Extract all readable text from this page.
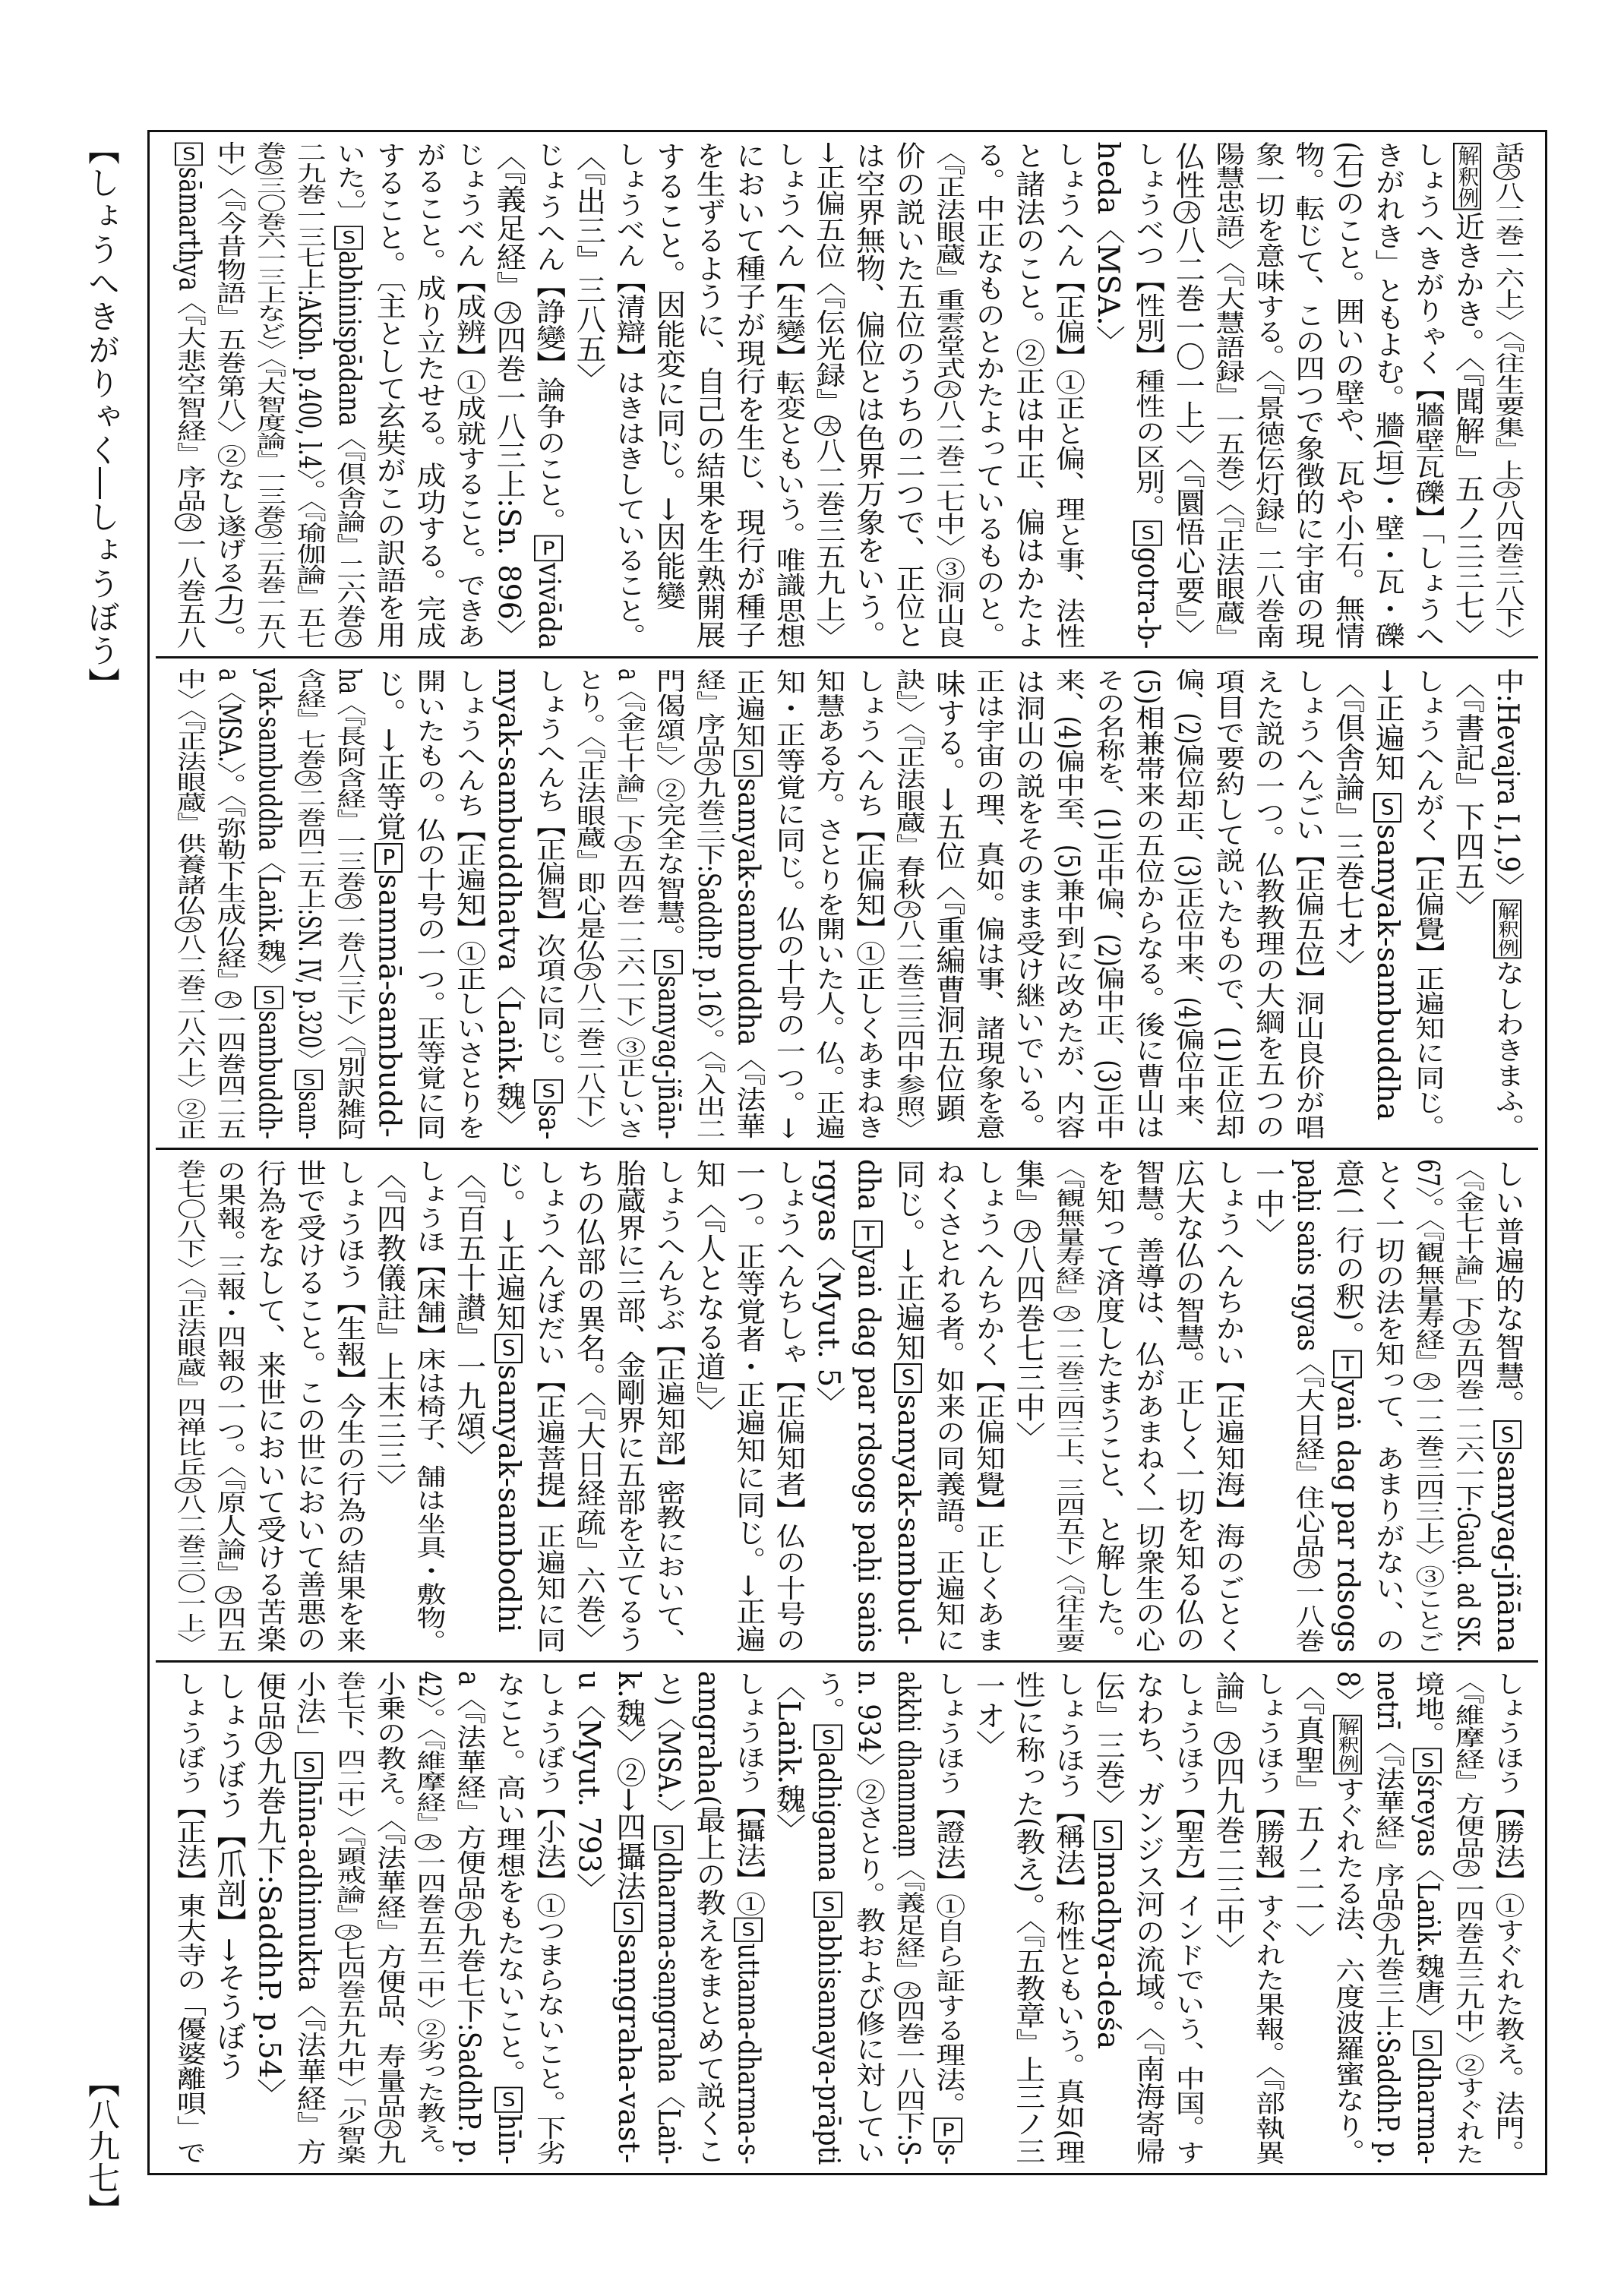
【しょうへきがりゃく―しょうぼう】
【八九七】
話大八二巻一六上〉〈『往生要集』上大八四巻三八下〉
解釈例近きかき。〈『聞解』五ノ三三七〉
しょうへきがりゃく【牆壁瓦礫】「しょうへ
きがれき」ともよむ。牆(垣)・壁・瓦・礫
(石)のこと。囲いの壁や、瓦や小石。無情
物。転じて、この四つで象徴的に宇宙の現
象一切を意味する。〈『景徳伝灯録』二八巻南
陽慧忠語〉〈『大慧語録』一五巻〉〈『正法眼蔵』
仏性大八二巻一〇一上〉〈『圜悟心要』〉
しょうべつ【性別】種性の区別。Sgotra-b-
heda〈MSA.〉
しょうへん【正偏】①正と偏、理と事、法性
と諸法のこと。②正は中正、偏はかたよ
る。中正なものとかたよっているものと。
〈『正法眼蔵』重雲堂式大八二巻二七中〉③洞山良
价の説いた五位のうちの二つで、正位と
は空界無物、偏位とは色界万象をいう。
→正偏五位〈『伝光録』大八二巻三五九上〉
しょうへん【生變】転変ともいう。唯識思想
において種子が現行を生じ、現行が種子
を生ずるように、自己の結果を生熟開展
すること。因能変に同じ。→因能變
しょうべん【清辯】はきはきしていること。
〈『出三』三八五〉
じょうへん【諍變】論争のこと。Pvivāda
〈『義足経』大四巻一八三上:Sn. 896〉
じょうべん【成辨】①成就すること。できあ
がること。成り立たせる。成功する。完成
すること。〔主として玄奘がこの訳語を用
いた。〕Sabhinispādana〈『倶舎論』二六巻大
二九巻一三七上:AKbh. p.400, l.4〉。〈『瑜伽論』五七
巻大三〇巻六一三上など〉〈『大智度論』一三巻大二五巻一五八
中〉〈『今昔物語』五巻第八〉②なし遂げる(力)。
Ssāmarthya〈『大悲空智経』序品大一八巻五八
中:Hevajra I,1,9〉解釈例なしわきまふ。
〈『書記』下四五〉
しょうへんがく【正偏覺】正遍知に同じ。
→正遍知 Ssamyak-sambuddha
〈『倶舎論』三巻七オ〉
しょうへんごい【正偏五位】洞山良价が唱
えた説の一つ。仏教教理の大綱を五つの
項目で要約して説いたもので、(1)正位却
偏、(2)偏位却正、(3)正位中来、(4)偏位中来、
(5)相兼帯来の五位からなる。後に曹山は
その名称を、(1)正中偏、(2)偏中正、(3)正中
来、(4)偏中至、(5)兼中到に改めたが、内容
は洞山の説をそのまま受け継いでいる。
正は宇宙の理、真如。偏は事、諸現象を意
味する。→五位〈『重編曹洞五位顕
訣』〉〈『正法眼蔵』春秋大八二巻三三四中参照〉
しょうへんち【正偏知】①正しくあまねき
知慧ある方。さとりを開いた人。仏。正遍
知・正等覚に同じ。仏の十号の一つ。→
正遍知Ssamyak-sambuddha〈『法華
経』序品大九巻三下:SaddhP. p.16〉。〈『入出二
門偈頌』〉②完全な智慧。Ssamyag-jñān-
a〈『金七十論』下大五四巻一二六一下〉③正しいさ
とり。〈『正法眼蔵』即心是仏大八二巻二八下〉
しょうへんち【正偏智】次項に同じ。Ssa-
myak-sambuddhatva〈Laṅk.魏〉
しょうへんち【正遍知】①正しいさとりを
開いたもの。仏の十号の一つ。正等覚に同
じ。→正等覚Psammā-sambudd-
ha〈『長阿含経』一三巻大一巻八三下〉〈『別訳雑阿
含経』七巻大二巻四二五上:SN. IV, p.320〉Ssam-
yak-sambuddha〈Laṅk.魏〉Ssambuddh-
a〈MSA.〉。〈『弥勒下生成仏経』大一四巻四二五
中〉〈『正法眼蔵』供養諸仏大八二巻二八六上〉②正
しい普遍的な智慧。Ssamyag-jñāna
〈『金七十論』下大五四巻一二六一下:Gauḍ. ad SK.
67〉。〈『観無量寿経』大一二巻三四三上〉③ことご
とく一切の法を知って、あまりがない、の
意(一行の釈)。Tyaṅ dag par rdsogs
paḥi saṅs rgyas〈『大日経』住心品大一八巻
一中〉
しょうへんちかい【正遍知海】海のごとく
広大な仏の智慧。正しく一切を知る仏の
智慧。善導は、仏があまねく一切衆生の心
を知って済度したまうこと、と解した。
〈『観無量寿経』大一二巻三四三上、三四五下〉〈『往生要
集』大八四巻七三中〉
しょうへんちかく【正偏知覺】正しくあま
ねくさとれる者。如来の同義語。正遍知に
同じ。→正遍知Ssamyak-sambud-
dha Tyaṅ dag par rdsogs paḥi saṅs
rgyas〈Myut. 5〉
しょうへんちしゃ【正偏知者】仏の十号の
一つ。正等覚者・正遍知に同じ。→正遍
知〈『人となる道』〉
しょうへんちぶ【正遍知部】密教において、
胎蔵界に三部、金剛界に五部を立てるう
ちの仏部の異名。〈『大日経疏』六巻〉
しょうへんぼだい【正遍菩提】正遍知に同
じ。→正遍知Ssamyak-sambodhi
〈『百五十讃』一九頌〉
しょうほ【床舗】床は椅子、舗は坐具・敷物。
〈『四教儀註』上末三三〉
しょうほう【生報】今生の行為の結果を来
世で受けること。この世において善悪の
行為をなして、来世において受ける苦楽
の果報。三報・四報の一つ。〈『原人論』大四五
巻七〇八下〉〈『正法眼蔵』四禅比丘大八二巻三〇一上〉
しょうほう【勝法】①すぐれた教え。法門。
〈『維摩経』方便品大一四巻五三九中〉②すぐれた
境地。Sśreyas〈Laṅk.魏唐〉Sdharma-
netrī〈『法華経』序品大九巻三上:SaddhP. p.
8〉解釈例すぐれたる法、六度波羅蜜なり。
〈『真聖』五ノ二一〉
しょうほう【勝報】すぐれた果報。〈『部執異
論』大四九巻二三中〉
しょうほう【聖方】インドでいう、中国。す
なわち、ガンジス河の流域。〈『南海寄帰
伝』三巻〉Smadhya-deśa
しょうほう【稱法】称性ともいう。真如(理
性)に称った(教え)。〈『五教章』上三ノ三
一オ〉
しょうほう【證法】①自ら証する理法。Ps-
akkhi dhammaṃ〈『義足経』大四巻一八四下:S-
n. 934〉②さとり。教および修に対してい
う。Sadhigama Sabhisamaya-prāpti
〈Laṅk.魏〉
しょうほう【攝法】①Suttama-dharma-s-
amgraha(最上の教えをまとめて説くこ
と)〈MSA.〉Sdharma-saṃgraha〈Laṅ-
k.魏〉②→四攝法Ssaṃgraha-vast-
u〈Myut. 793〉
しょうぼう【小法】①つまらないこと。下劣
なこと。高い理想をもたないこと。Shīn-
a〈『法華経』方便品大九巻七下:SaddhP. p.
42〉。〈『維摩経』大一四巻五五二中〉②劣った教え。
小乗の教え。〈『法華経』方便品、寿量品大九
巻七下、四二中〉〈『顕戒論』大七四巻五九九中〉「少智楽
小法」Shīna-adhimukta〈『法華経』方
便品大九巻九下:SaddhP. p.54〉
しょうぼう【爪剖】→そうぼう
しょうぼう【正法】東大寺の「優婆離唄」で
